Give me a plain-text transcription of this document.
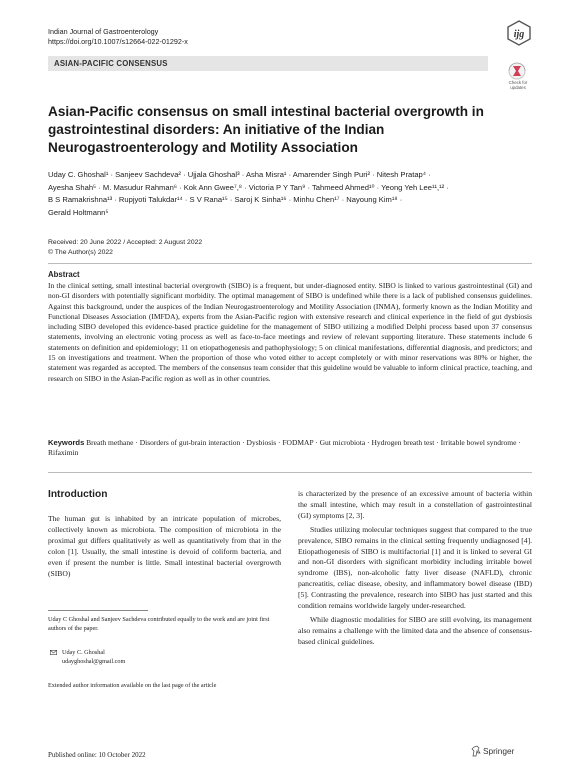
Indian Journal of Gastroenterology
https://doi.org/10.1007/s12664-022-01292-x
ijg
Check for updates
ASIAN-PACIFIC CONSENSUS
Asian-Pacific consensus on small intestinal bacterial overgrowth in gastrointestinal disorders: An initiative of the Indian Neurogastroenterology and Motility Association
Uday C. Ghoshal¹ · Sanjeev Sachdeva² · Ujjala Ghoshal³ · Asha Misra¹ · Amarender Singh Puri² · Nitesh Pratap⁴ ·
Ayesha Shah⁵ · M. Masudur Rahman⁶ · Kok Ann Gwee⁷,⁸ · Victoria P Y Tan⁹ · Tahmeed Ahmed¹⁰ · Yeong Yeh Lee¹¹,¹² ·
B S Ramakrishna¹³ · Rupjyoti Talukdar¹⁴ · S V Rana¹⁵ · Saroj K Sinha¹⁶ · Minhu Chen¹⁷ · Nayoung Kim¹⁸ ·
Gerald Holtmann⁵
Received: 20 June 2022 / Accepted: 2 August 2022
© The Author(s) 2022
Abstract
In the clinical setting, small intestinal bacterial overgrowth (SIBO) is a frequent, but under-diagnosed entity. SIBO is linked to various gastrointestinal (GI) and non-GI disorders with potentially significant morbidity. The optimal management of SIBO is undefined while there is a lack of published consensus guidelines. Against this background, under the auspices of the Indian Neurogastroenterology and Motility Association (INMA), formerly known as the Indian Motility and Functional Diseases Association (IMFDA), experts from the Asian-Pacific region with extensive research and clinical experience in the field of gut dysbiosis including SIBO developed this evidence-based practice guideline for the management of SIBO utilizing a modified Delphi process based upon 37 consensus statements, involving an electronic voting process as well as face-to-face meetings and review of relevant supporting literature. These statements include 6 statements on definition and epidemiology; 11 on etiopathogenesis and pathophysiology; 5 on clinical manifestations, differential diagnosis, and predictors; and 15 on investigations and treatment. When the proportion of those who voted either to accept completely or with minor reservations was 80% or higher, the statement was regarded as accepted. The members of the consensus team consider that this guideline would be valuable to inform clinical practice, teaching, and research on SIBO in the Asian-Pacific region as well as in other countries.
Keywords Breath methane · Disorders of gut-brain interaction · Dysbiosis · FODMAP · Gut microbiota · Hydrogen breath test · Irritable bowel syndrome · Rifaximin
Introduction
The human gut is inhabited by an intricate population of microbes, collectively known as microbiota. The composition of microbiota in the proximal gut differs qualitatively as well as quantitatively from that in the colon [1]. Usually, the small intestine is devoid of coliform bacteria, and even if present the number is little. Small intestinal bacterial overgrowth (SIBO)

is characterized by the presence of an excessive amount of bacteria within the small intestine, which may result in a constellation of gastrointestinal (GI) symptoms [2, 3].

Studies utilizing molecular techniques suggest that compared to the true prevalence, SIBO remains in the clinical setting frequently undiagnosed [4]. Etiopathogenesis of SIBO is multifactorial [1] and it is linked to several GI and non-GI disorders with significant morbidity including irritable bowel syndrome (IBS), non-alcoholic fatty liver disease (NAFLD), chronic pancreatitis, celiac disease, obesity, and inflammatory bowel disease (IBD) [5]. Contrasting the prevalence, research into SIBO has just started and this condition remains worldwide largely under-researched.

While diagnostic modalities for SIBO are still evolving, its management also remains a challenge with the limited data and the absence of consensus-based clinical guidelines.

Uday C Ghoshal and Sanjeev Sachdeva contributed equally to the work and are joint first authors of the paper.
Uday C. Ghoshal
udayghoshal@gmail.com
Extended author information available on the last page of the article
Published online: 10 October 2022	Springer
